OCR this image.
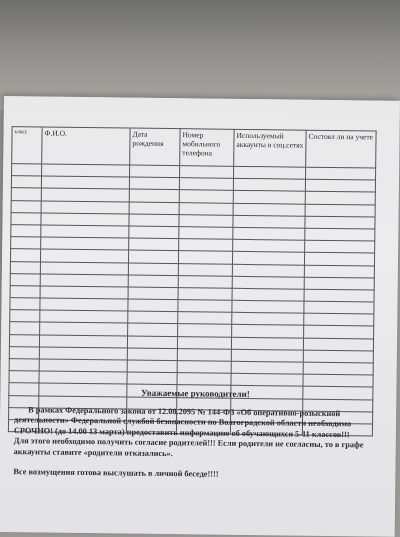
класс	Ф.И.О.	Дата рождения	Номер мобильного телефона	Используемый аккаунты в соц.сетях	Состоял ли на учете

Уважаемые руководители!

В рамках Федерального закона от 12.08.2095 № 144-ФЗ «Об оперативно-розыскной деятельности» Федеральной службой безопасности по Волгоградской области необходимо СРОЧНО! (до 14.00 13 марта) предоставить информацию об обучающихся 5-11 классов!!!

Для этого необходимо получить согласие родителей!!! Если родители не согласны, то в графе аккаунты ставите «родители отказались».

Все возмущения готова выслушать в личной беседе!!!!
